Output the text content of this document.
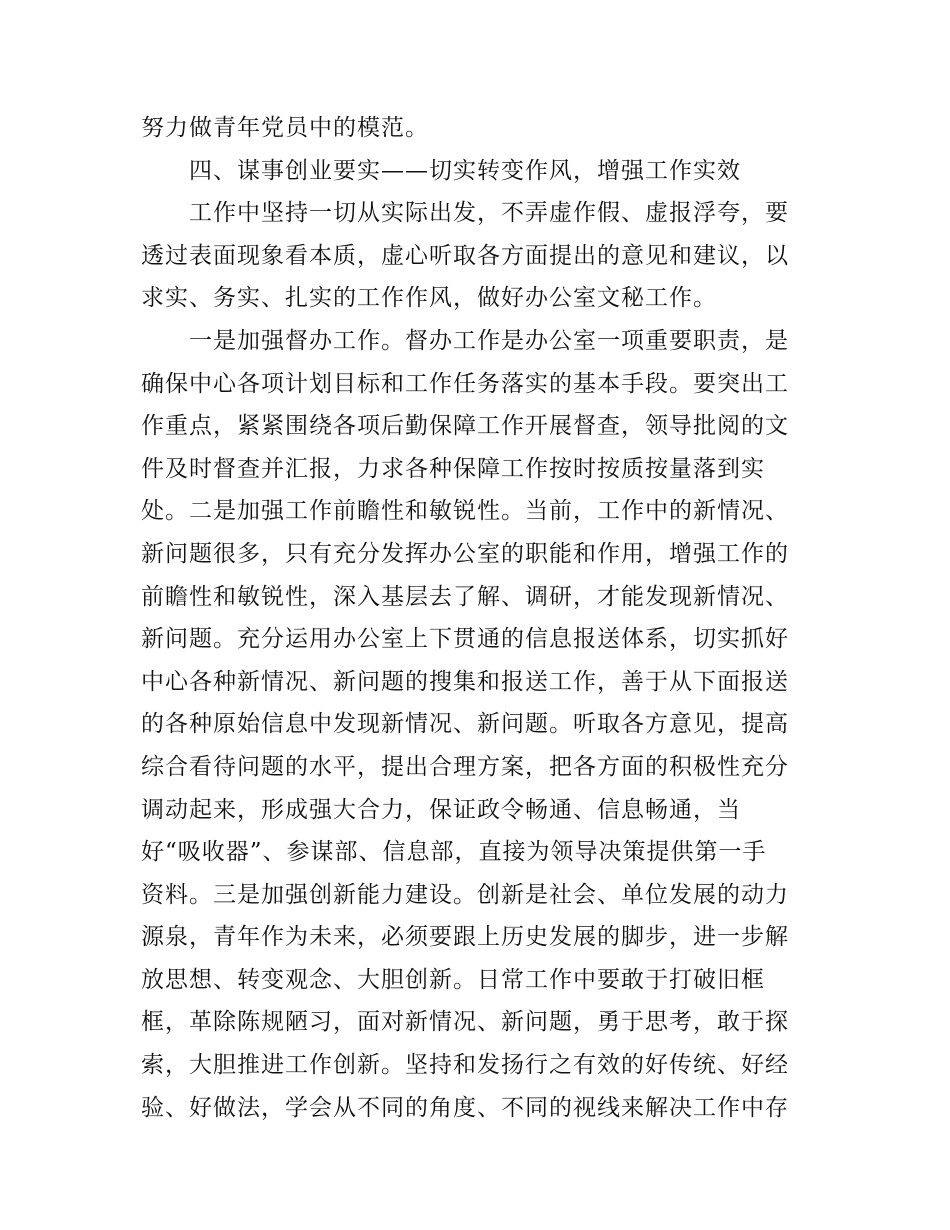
努力做青年党员中的模范。
四、谋事创业要实——切实转变作风，增强工作实效
工作中坚持一切从实际出发，不弄虚作假、虚报浮夸，要
透过表面现象看本质，虚心听取各方面提出的意见和建议，以
求实、务实、扎实的工作作风，做好办公室文秘工作。
一是加强督办工作。督办工作是办公室一项重要职责，是
确保中心各项计划目标和工作任务落实的基本手段。要突出工
作重点，紧紧围绕各项后勤保障工作开展督查，领导批阅的文
件及时督查并汇报，力求各种保障工作按时按质按量落到实
处。二是加强工作前瞻性和敏锐性。当前，工作中的新情况、
新问题很多，只有充分发挥办公室的职能和作用，增强工作的
前瞻性和敏锐性，深入基层去了解、调研，才能发现新情况、
新问题。充分运用办公室上下贯通的信息报送体系，切实抓好
中心各种新情况、新问题的搜集和报送工作，善于从下面报送
的各种原始信息中发现新情况、新问题。听取各方意见，提高
综合看待问题的水平，提出合理方案，把各方面的积极性充分
调动起来，形成强大合力，保证政令畅通、信息畅通，当
好“吸收器”、参谋部、信息部，直接为领导决策提供第一手
资料。三是加强创新能力建设。创新是社会、单位发展的动力
源泉，青年作为未来，必须要跟上历史发展的脚步，进一步解
放思想、转变观念、大胆创新。日常工作中要敢于打破旧框
框，革除陈规陋习，面对新情况、新问题，勇于思考，敢于探
索，大胆推进工作创新。坚持和发扬行之有效的好传统、好经
验、好做法，学会从不同的角度、不同的视线来解决工作中存
